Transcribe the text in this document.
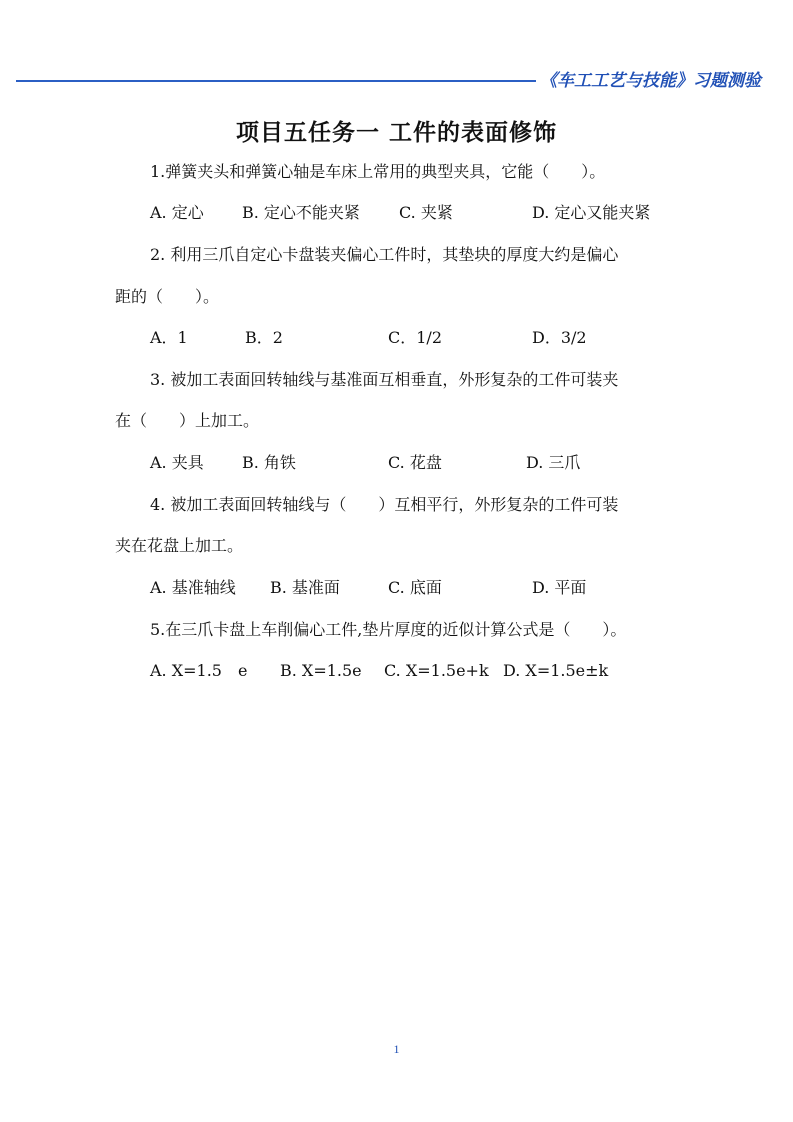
《车工工艺与技能》习题测验
项目五任务一 工件的表面修饰
1.弹簧夹头和弹簧心轴是车床上常用的典型夹具，它能（　　）。
A. 定心 B. 定心不能夹紧 C. 夹紧	D. 定心又能夹紧
2. 利用三爪自定心卡盘装夹偏心工件时，其垫块的厚度大约是偏心
距的（　　）。
A．1	B．2	C．1/2	D．3/2
3. 被加工表面回转轴线与基准面互相垂直，外形复杂的工件可装夹
在（　　）上加工。
A. 夹具 B. 角铁	C. 花盘	D. 三爪
4. 被加工表面回转轴线与（　　）互相平行，外形复杂的工件可装
夹在花盘上加工。
A. 基准轴线 B. 基准面	C. 底面	D. 平面
5.在三爪卡盘上车削偏心工件,垫片厚度的近似计算公式是（　　）。
A. X=1.5　e B. X=1.5e C. X=1.5e+k D. X=1.5e±k
1
